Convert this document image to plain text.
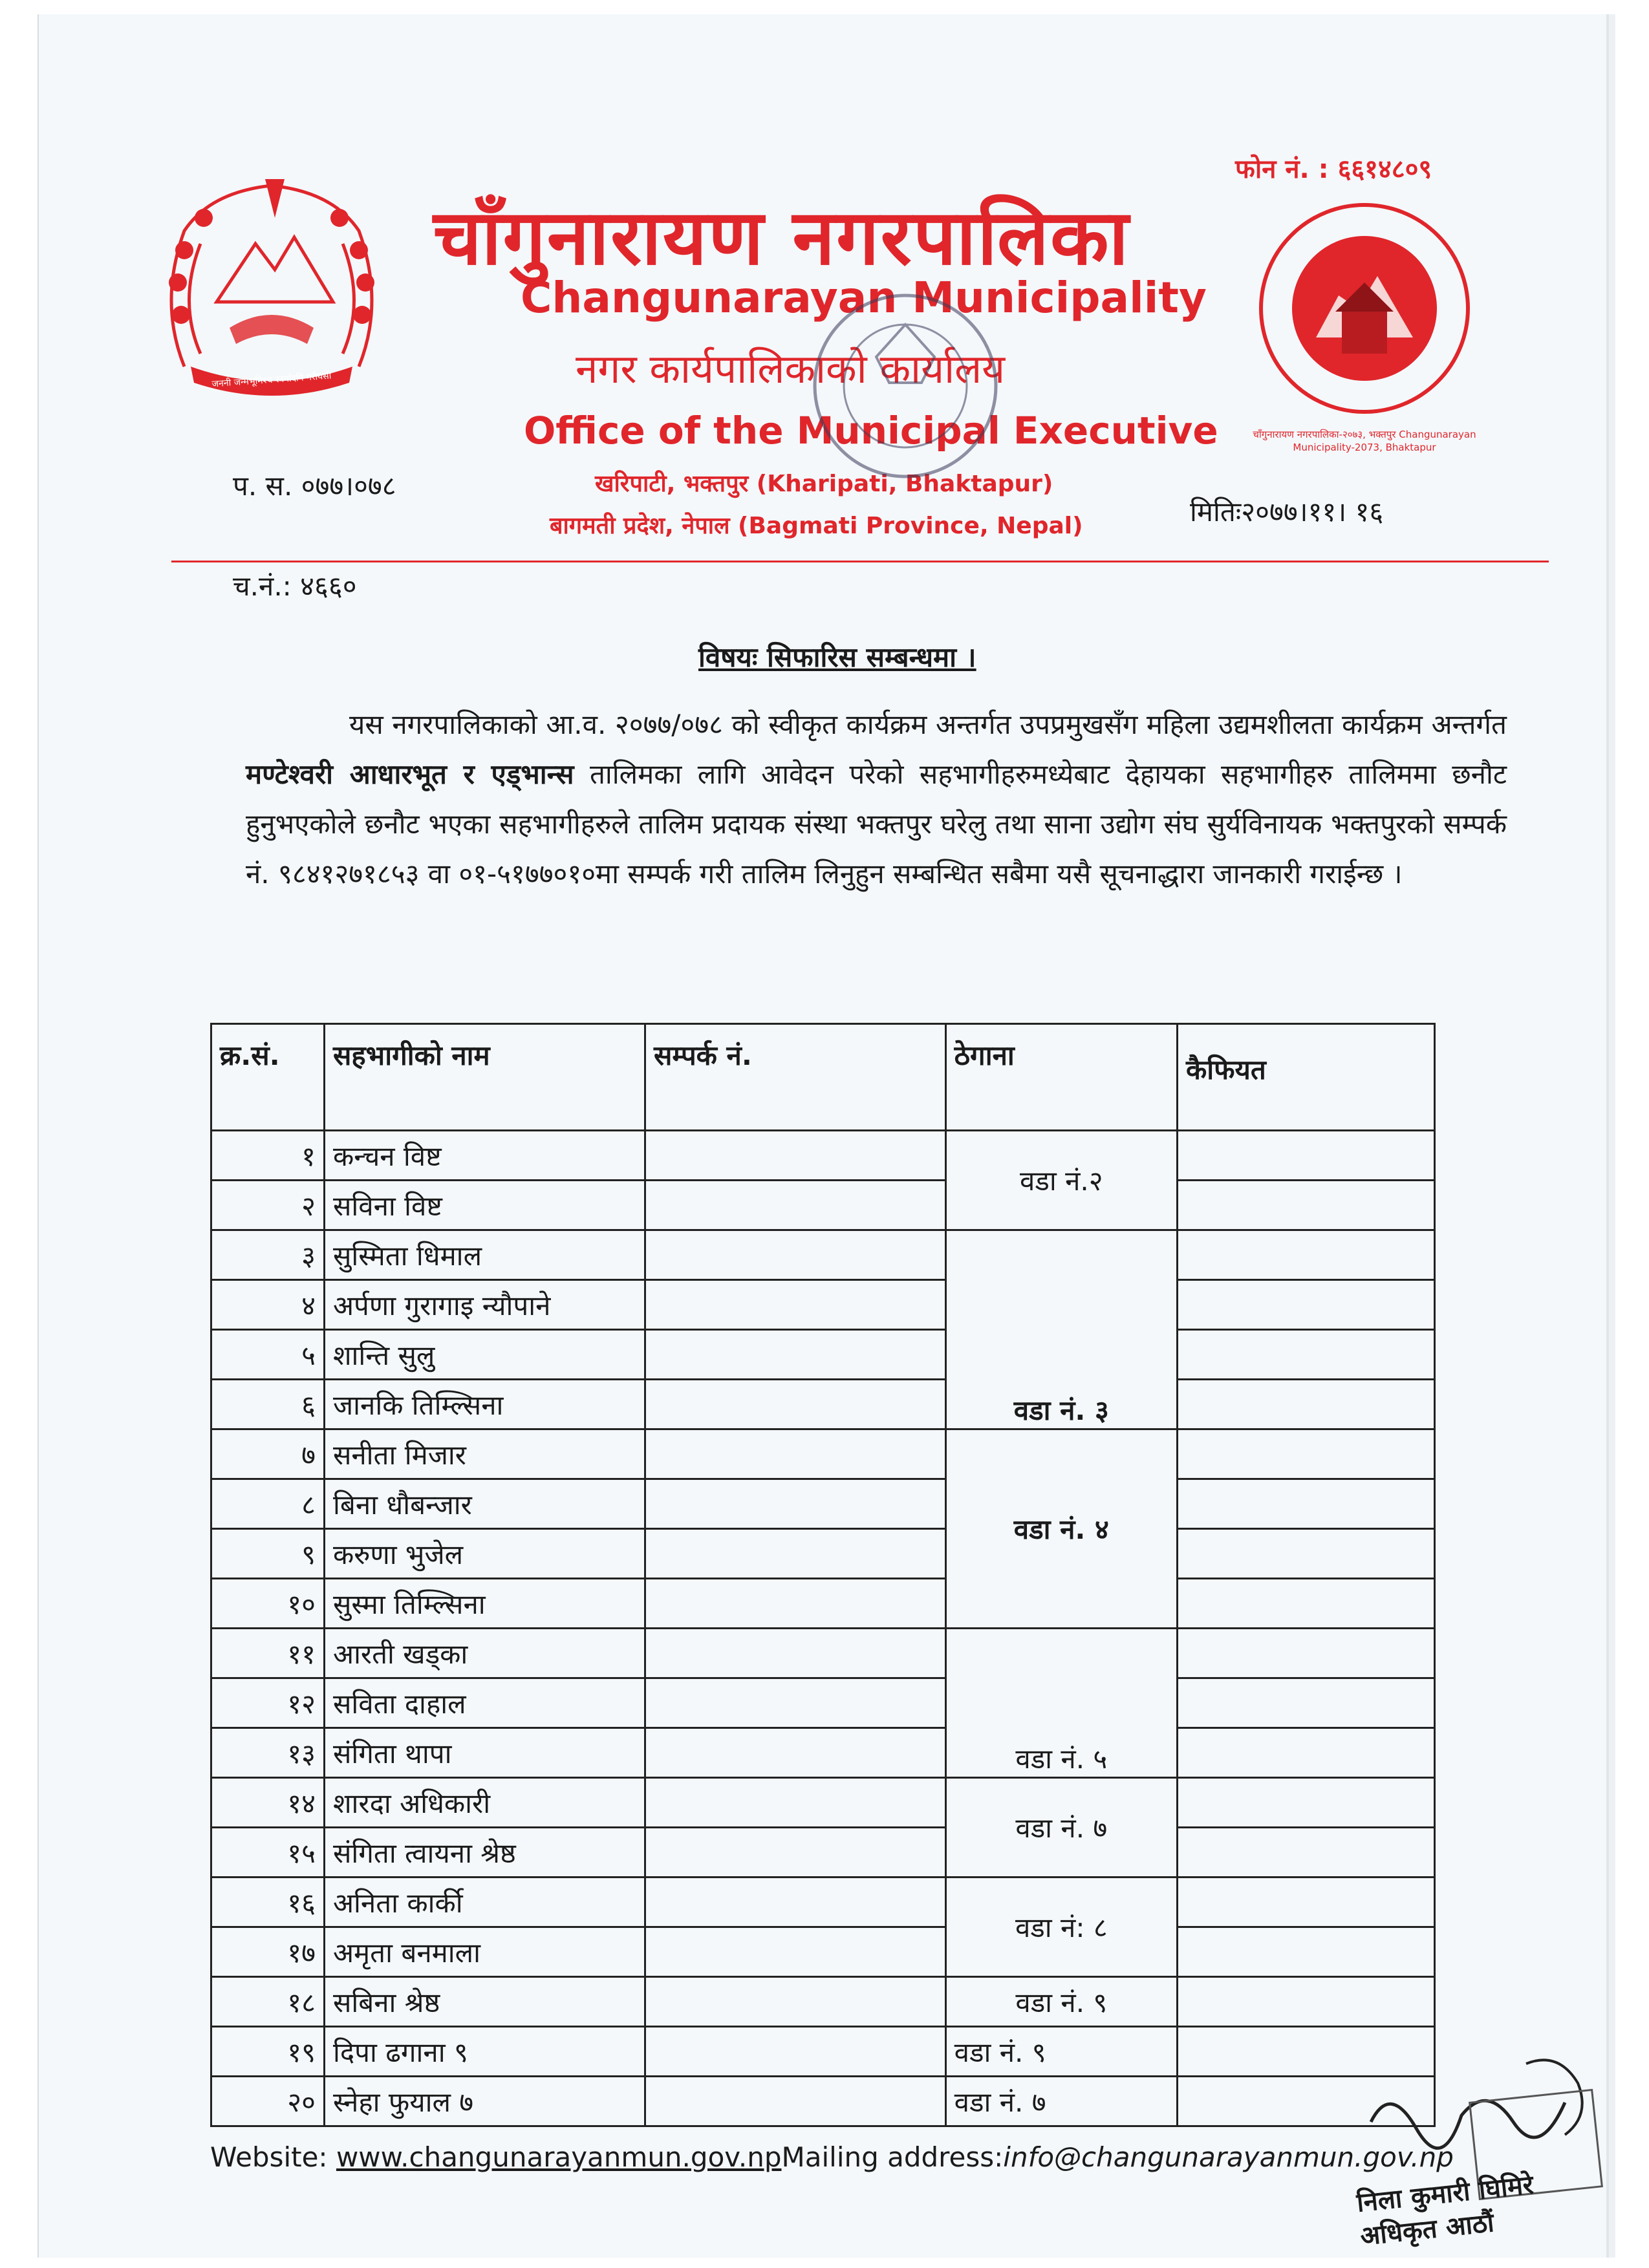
जननी जन्मभूमिश्च स्वर्गादपि गरीयसी
चाँगुनारायण नगरपालिका-२०७३, भक्तपुर Changunarayan Municipality-2073, Bhaktapur
फोन नं. : ६६१४८०९
चाँगुनारायण नगरपालिका
Changunarayan Municipality
नगर कार्यपालिकाको कार्यालय
Office of the Municipal Executive
खरिपाटी, भक्तपुर (Kharipati, Bhaktapur)
बागमती प्रदेश, नेपाल (Bagmati Province, Nepal)
प. स. ०७७।०७८
मितिः२०७७।११। १६
च.नं.: ४६६०
विषयः सिफारिस सम्बन्धमा ।
यस नगरपालिकाको आ.व. २०७७/०७८ को स्वीकृत कार्यक्रम अन्तर्गत उपप्रमुखसँग महिला उद्यमशीलता कार्यक्रम अन्तर्गत मण्टेश्वरी आधारभूत र एड्भान्स तालिमका लागि आवेदन परेको सहभागीहरुमध्येबाट देहायका सहभागीहरु तालिममा छनौट हुनुभएकोले छनौट भएका सहभागीहरुले तालिम प्रदायक संस्था भक्तपुर घरेलु तथा साना उद्योग संघ सुर्यविनायक भक्तपुरको सम्पर्क नं. ९८४१२७१८५३ वा ०१-५१७७०१०मा सम्पर्क गरी तालिम लिनुहुन सम्बन्धित सबैमा यसै सूचनाद्धारा जानकारी गराईन्छ ।
क्र.सं.	सहभागीको नाम	सम्पर्क नं.	ठेगाना	कैफियत
१	कन्चन विष्ट		वडा नं.२	
२	सविना विष्ट			
३	सुस्मिता धिमाल		वडा नं. ३	
४	अर्पणा गुरागाइ न्यौपाने			
५	शान्ति सुलु			
६	जानकि तिम्ल्सिना			
७	सनीता मिजार		वडा नं. ४	
८	बिना धौबन्जार			
९	करुणा भुजेल			
१०	सुस्मा तिम्ल्सिना			
११	आरती खड्का		वडा नं. ५	
१२	सविता दाहाल			
१३	संगिता थापा			
१४	शारदा अधिकारी		वडा नं. ७	
१५	संगिता त्वायना श्रेष्ठ			
१६	अनिता कार्की		वडा नं: ८	
१७	अमृता बनमाला			
१८	सबिना श्रेष्ठ		वडा नं. ९	
१९	दिपा ढगाना ९		वडा नं. ९	
२०	स्नेहा फुयाल ७		वडा नं. ७	
Website: www.changunarayanmun.gov.npMailing address:info@changunarayanmun.gov.np
निला कुमारी घिमिरे अधिकृत आठौं
